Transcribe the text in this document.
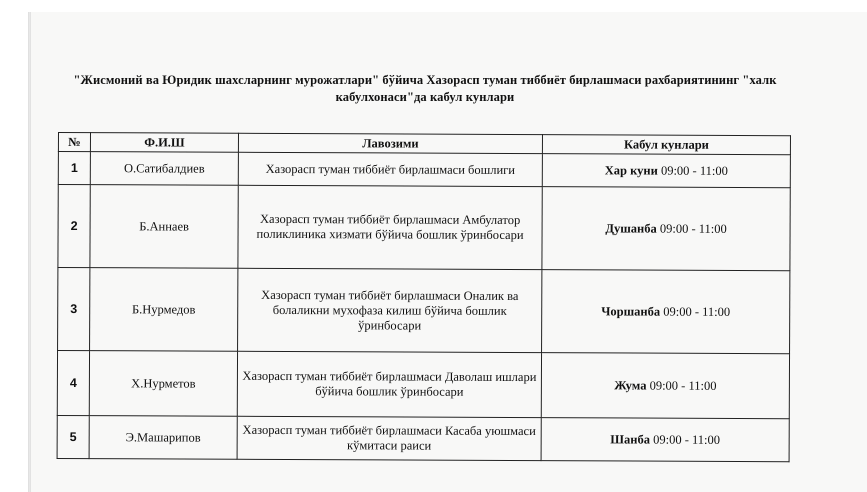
"Жисмоний ва Юридик шахсларнинг мурожатлари" бўйича Хазорасп туман тиббиёт бирлашмаси рахбариятининг "халк
кабулхонаси"да кабул кунлари
№	Ф.И.Ш	Лавозими	Кабул кунлари
1	О.Сатибалдиев	Хазорасп туман тиббиёт бирлашмаси бошлиги	Хар куни 09:00 - 11:00
2	Б.Аннаев	Хазорасп туман тиббиёт бирлашмаси Амбулатор поликлиника хизмати бўйича бошлик ўринбосари	Душанба 09:00 - 11:00
3	Б.Нурмедов	Хазорасп туман тиббиёт бирлашмаси Оналик ва болаликни мухофаза килиш бўйича бошлик ўринбосари	Чоршанба 09:00 - 11:00
4	Х.Нурметов	Хазорасп туман тиббиёт бирлашмаси Даволаш ишлари бўйича бошлик ўринбосари	Жума 09:00 - 11:00
5	Э.Машарипов	Хазорасп туман тиббиёт бирлашмаси Касаба уюшмаси кўмитаси раиси	Шанба 09:00 - 11:00
